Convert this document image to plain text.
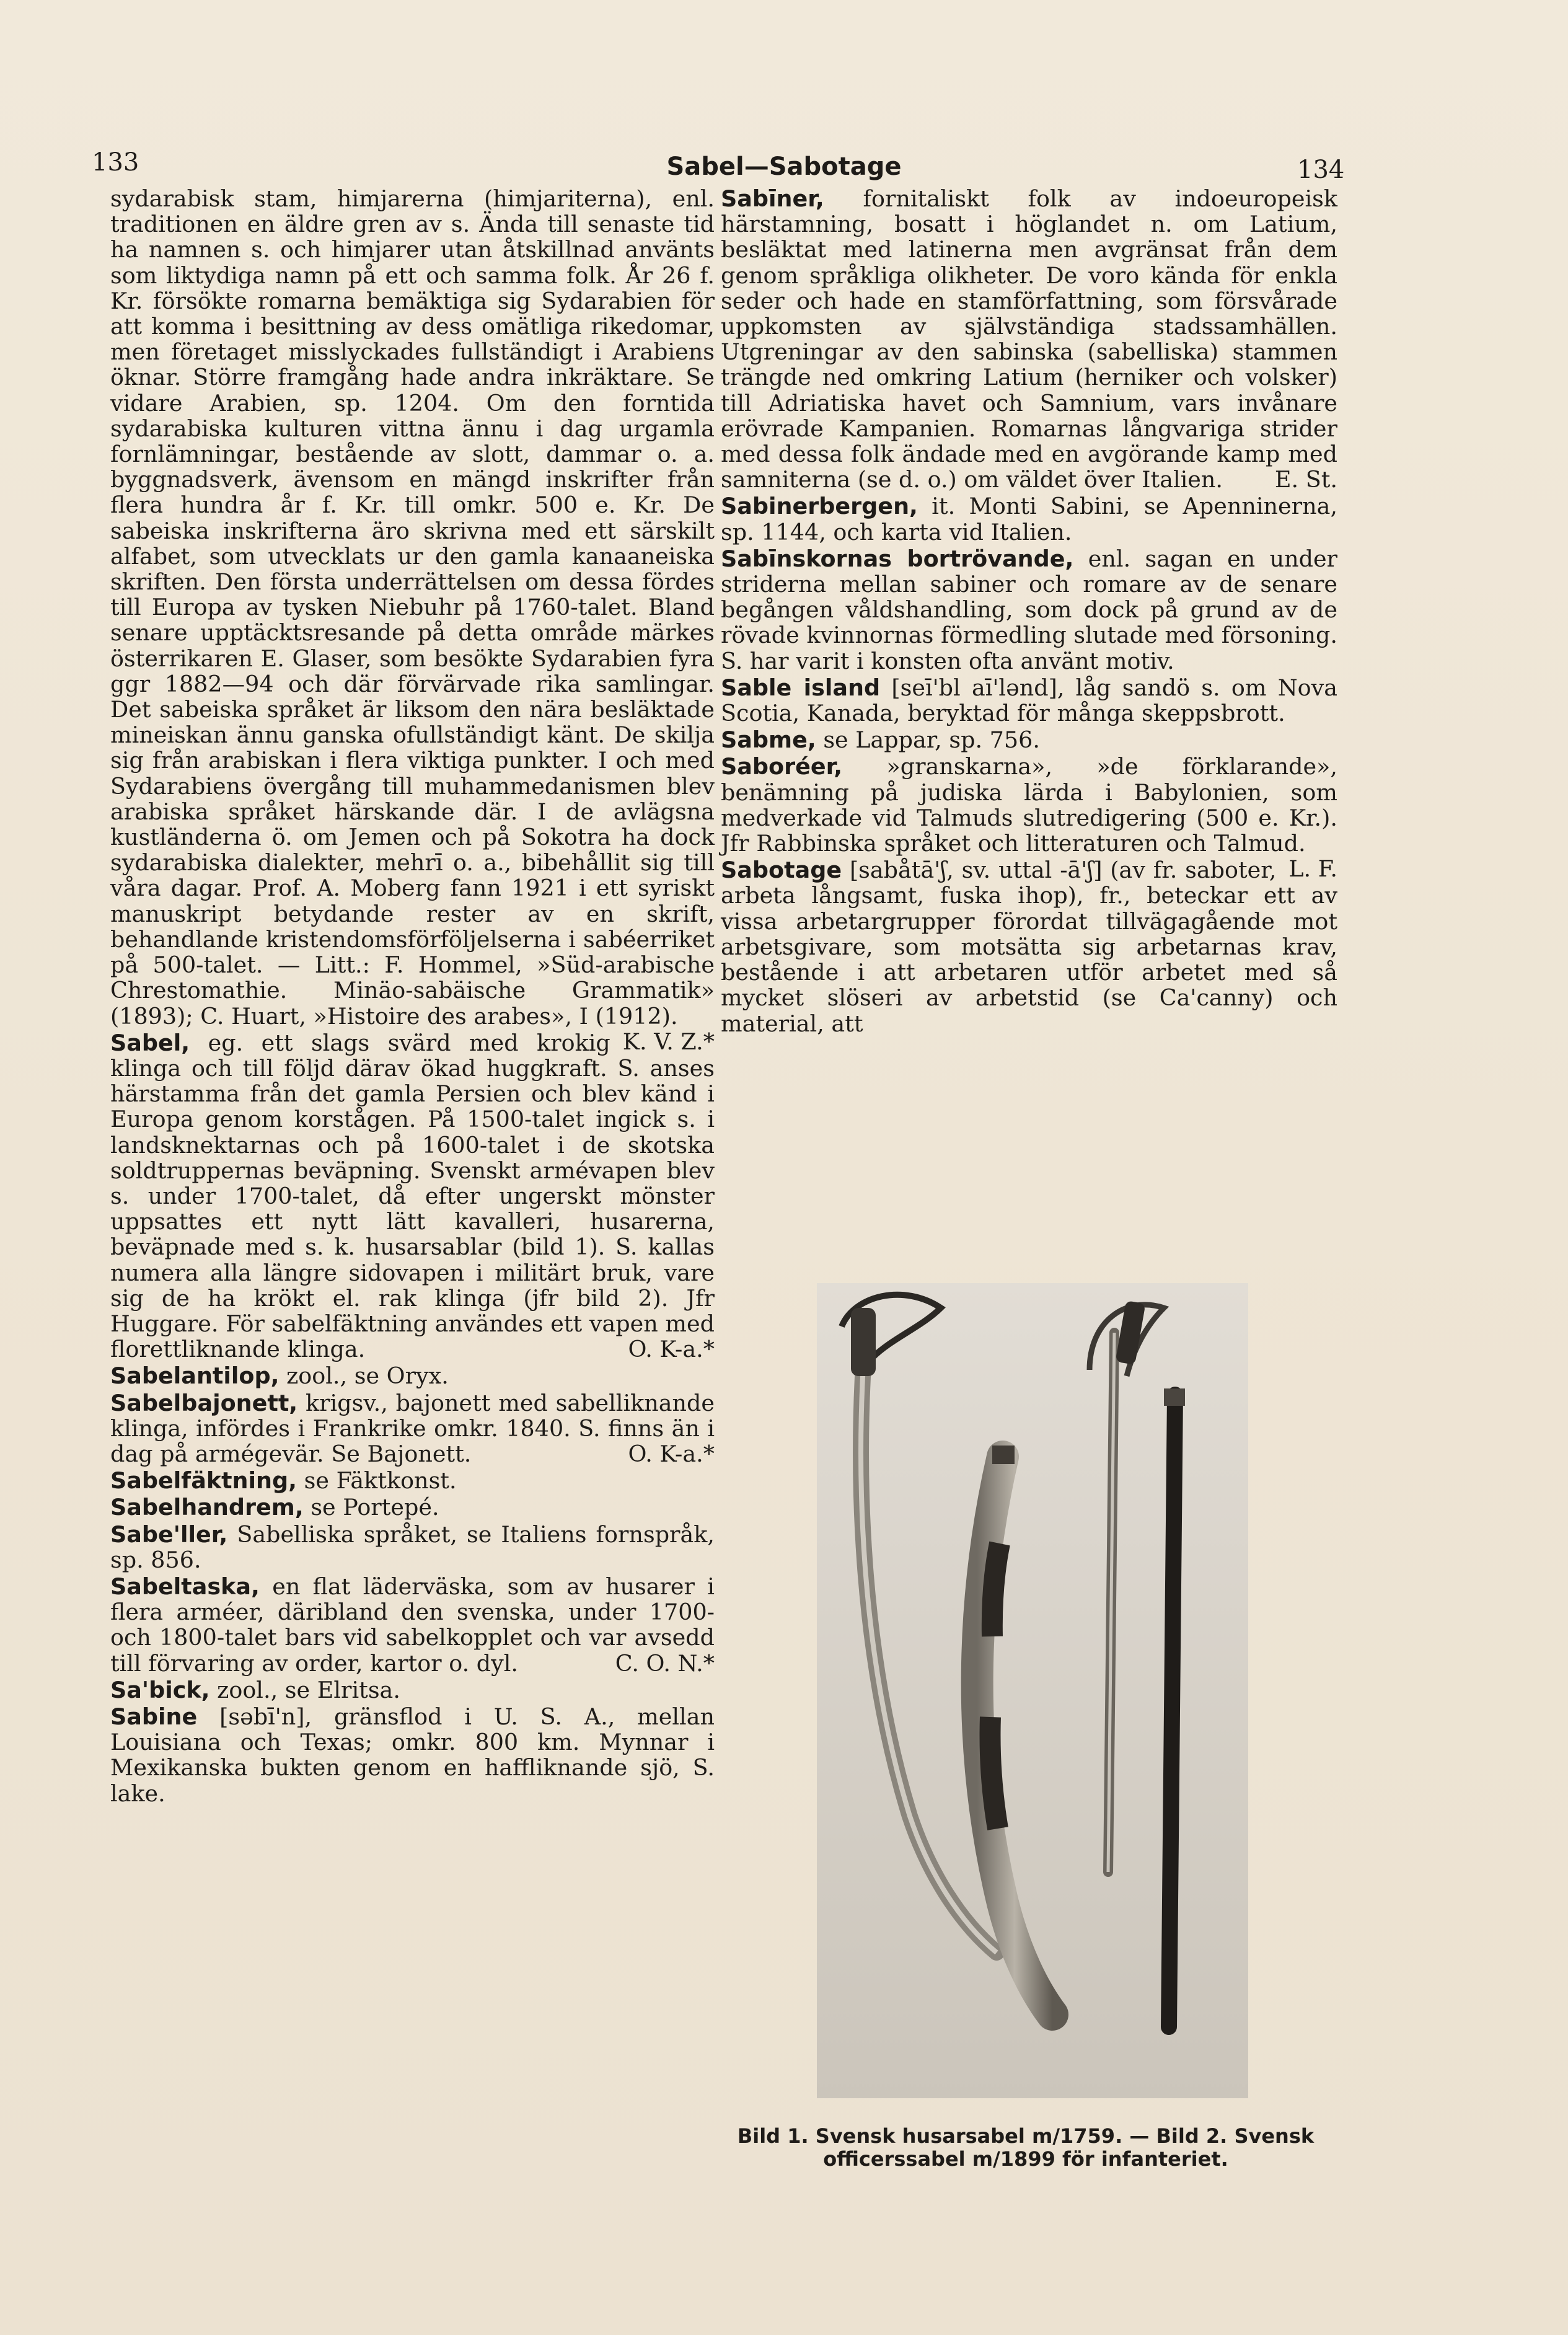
133	Sabel—Sabotage	134

sydarabisk stam, himjarerna (himjariterna), enl. traditionen en äldre gren av s. Ända till senaste tid ha namnen s. och himjarer utan åtskillnad använts som liktydiga namn på ett och samma folk. År 26 f. Kr. försökte romarna bemäktiga sig Sydarabien för att komma i besittning av dess omätliga rikedomar, men företaget misslyckades fullständigt i Arabiens öknar. Större framgång hade andra inkräktare. Se vidare Arabien, sp. 1204. Om den forntida sydarabiska kulturen vittna ännu i dag urgamla fornlämningar, bestående av slott, dammar o. a. byggnadsverk, ävensom en mängd inskrifter från flera hundra år f. Kr. till omkr. 500 e. Kr. De sabeiska inskrifterna äro skrivna med ett särskilt alfabet, som utvecklats ur den gamla kanaaneiska skriften. Den första underrättelsen om dessa fördes till Europa av tysken Niebuhr på 1760-talet. Bland senare upptäcktsresande på detta område märkes österrikaren E. Glaser, som besökte Sydarabien fyra ggr 1882—94 och där förvärvade rika samlingar. Det sabeiska språket är liksom den nära besläktade mineiskan ännu ganska ofullständigt känt. De skilja sig från arabiskan i flera viktiga punkter. I och med Sydarabiens övergång till muhammedanismen blev arabiska språket härskande där. I de avlägsna kustländerna ö. om Jemen och på Sokotra ha dock sydarabiska dialekter, mehrī o. a., bibehållit sig till våra dagar. Prof. A. Moberg fann 1921 i ett syriskt manuskript betydande rester av en skrift, behandlande kristendomsförföljelserna i sabéerriket på 500-talet. — Litt.: F. Hommel, »Süd-arabische Chrestomathie. Minäo-sabäische Grammatik» (1893); C. Huart, »Histoire des arabes», I (1912).
K. V. Z.*

Sabel, eg. ett slags svärd med krokig klinga och till följd därav ökad huggkraft. S. anses härstamma från det gamla Persien och blev känd i Europa genom korstågen. På 1500-talet ingick s. i landsknektarnas och på 1600-talet i de skotska soldtruppernas beväpning. Svenskt armévapen blev s. under 1700-talet, då efter ungerskt mönster uppsattes ett nytt lätt kavalleri, husarerna, beväpnade med s. k. husarsablar (bild 1). S. kallas numera alla längre sidovapen i militärt bruk, vare sig de ha krökt el. rak klinga (jfr bild 2). Jfr Huggare. För sabelfäktning användes ett vapen med florettliknande klinga.	O. K-a.*

Sabelantilop, zool., se Oryx.

Sabelbajonett, krigsv., bajonett med sabelliknande klinga, infördes i Frankrike omkr. 1840. S. finns än i dag på armégevär. Se Bajonett.	O. K-a.*

Sabelfäktning, se Fäktkonst.

Sabelhandrem, se Portepé.

Sabe'ller, Sabelliska språket, se Italiens fornspråk, sp. 856.

Sabeltaska, en flat läderväska, som av husarer i flera arméer, däribland den svenska, under 1700- och 1800-talet bars vid sabelkopplet och var avsedd till förvaring av order, kartor o. dyl.	C. O. N.*

Sa'bick, zool., se Elritsa.

Sabine [səbī'n], gränsflod i U. S. A., mellan Louisiana och Texas; omkr. 800 km. Mynnar i Mexikanska bukten genom en haffliknande sjö, S. lake.

Sabīner, fornitaliskt folk av indoeuropeisk härstamning, bosatt i höglandet n. om Latium, besläktat med latinerna men avgränsat från dem genom språkliga olikheter. De voro kända för enkla seder och hade en stamförfattning, som försvårade uppkomsten av självständiga stadssamhällen. Utgreningar av den sabinska (sabelliska) stammen trängde ned omkring Latium (herniker och volsker) till Adriatiska havet och Samnium, vars invånare erövrade Kampanien. Romarnas långvariga strider med dessa folk ändade med en avgörande kamp med samniterna (se d. o.) om väldet över Italien. E. St.

Sabinerbergen, it. Monti Sabini, se Apenninerna, sp. 1144, och karta vid Italien.

Sabīnskornas bortrövande, enl. sagan en under striderna mellan sabiner och romare av de senare begången våldshandling, som dock på grund av de rövade kvinnornas förmedling slutade med försoning. S. har varit i konsten ofta använt motiv.

Sable island [seī'bl aī'lənd], låg sandö s. om Nova Scotia, Kanada, beryktad för många skeppsbrott.

Sabme, se Lappar, sp. 756.

Saboréer, »granskarna», »de förklarande», benämning på judiska lärda i Babylonien, som medverkade vid Talmuds slutredigering (500 e. Kr.). Jfr Rabbinska språket och litteraturen och Talmud.
L. F.

Sabotage [sabåtā'ʃ, sv. uttal -ā'ʃ] (av fr. saboter, arbeta långsamt, fuska ihop), fr., beteckar ett av vissa arbetargrupper förordat tillvägagående mot arbetsgivare, som motsätta sig arbetarnas krav, bestående i att arbetaren utför arbetet med så mycket slöseri av arbetstid (se Ca'canny) och material, att

Bild 1. Svensk husarsabel m/1759. — Bild 2. Svensk officerssabel m/1899 för infanteriet.
